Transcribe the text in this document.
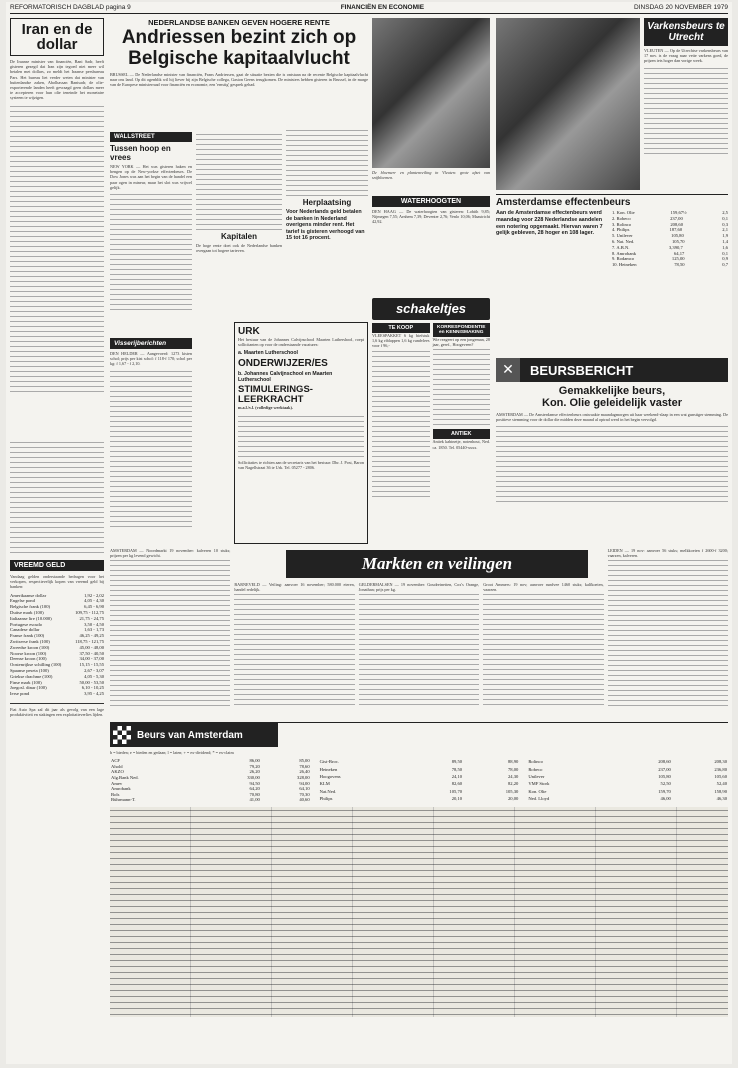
REFORMATORISCH DAGBLAD pagina 9	FINANCIËN EN ECONOMIE	DINSDAG 20 NOVEMBER 1979
Iran en de dollar

De Iraanse minister van financiën, Bani Sadr, heeft gisteren gezegd dat Iran zijn tegoed niet meer wil betalen met dollars, zo meldt het Iraanse persbureau Pars. Het bureau liet verder weten dat minister van buitenlandse zaken, Abolhassan Banisadr, de olie-exporterende landen heeft gevraagd geen dollars meer te accepteren voor hun olie teneinde het monetaire systeem te wijzigen.

VREEMD GELD

Vandaag gelden onderstaande bedragen voor het verkopen, respectievelijk kopen van vreemd geld bij banken:

Amerikaanse dollar	1,92 - 2,02
Engelse pond	4,05 - 4,30
Belgische frank (100)	6,45 - 6,90
Duitse mark (100)	109,75 - 112,75
Italiaanse lire (10.000)	21,75 - 24,75
Portugese escudo	3,50 - 4,50
Canadese dollar	1,63 - 1,73
Franse frank (100)	46,25 - 49,25
Zwitserse frank (100)	118,75 - 121,75
Zweedse kroon (100)	45,00 - 48,00
Noorse kroon (100)	37,50 - 40,50
Deense kroon (100)	34,00 - 37,00
Oostenrijkse schilling (100)	15,15 - 15,55
Spaanse peseta (100)	2,67 - 3,07
Griekse drachme (100)	4,05 - 5,30
Finse mark (100)	50,00 - 53,50
Joegosl. dinar (100)	6,10 - 10,25
Ierse pond	3,95 - 4,25

Fiat Auto Spa zal dit jaar als gevolg van een lage produktiviteit en stakingen een exploitatieverlies lijden.

NEDERLANDSE BANKEN GEVEN HOGERE RENTE
Andriessen bezint zich op
Belgische kapitaalvlucht

BRUSSEL — De Nederlandse minister van financiën, Frans Andriessen, gaat de situatie bezien die is ontstaan na de recente Belgische kapitaalvlucht naar ons land. Op dit ogenblik wil hij liever bij zijn Belgische collega, Gaston Geens terugkomen. De ministers hebben gisteren in Brussel, in de marge van de Europese ministerraad voor financiën en economie, een 'ernstig' gesprek gehad.

WALLSTREET
Tussen hoop en vrees

NEW YORK — Het was gisteren haken en bengen op de New-yorkse effectenbeurs. De Dow Jones was aan het begin van de handel een paar ogen in mineur, maar het slot was vrijwel gelijk.

Visserijberichten

DEN HELDER — Aangevoerd: 1273 kisten schol; prijs per kist schol: f 118-f 170; schol per kg: f 1,67 - f 2,10.

Kapitalen

De hoge rente doet ook de Nederlandse banken overgaan tot hogere tarieven.

Herplaatsing

Voor Nederlands geld betalen de banken in Nederland overigens minder rent. Het tarief is gisteren verhoogd van 15 tot 16 procent.

De bloemen- en plantenveiling in Vleuten: grote afzet van snijbloemen.

WATERHOOGTEN

DEN HAAG — De waterhoogten van gisteren: Lobith 9,85; Nijmegen 7,55; Arnhem 7,39; Deventer 2,76; Venlo 10,06; Maastricht 42,92.

URK

Het bestuur van de Johannes Calvijnschool Maarten Luthershool, roept sollicitanten op voor de onderstaande vacatures:

a. Maarten Lutherschool
ONDERWIJZER/ES
b. Johannes Calvijnschool en Maarten Lutherschool
STIMULERINGS-LEERKRACHT

m.a.l./v.l. (volledige werktaak).

Sollicitaties te richten aan de secretaris van het bestuur: Dhr. J. Post, Baron van Nagellstraat 36 te Urk. Tel. 05277 - 2806.

schakeltjes
TE KOOP

VLEESPAKKET 6 kg biefstuk 1,6 kg riblappen 1,6 kg rundvlees voor f 96,-

KORRESPONDENTIE en KENNISMAKING

Wie reageert op een jongeman, 28 jaar, geref., Hoogeveen?

ANTIEK

Antiek kabinetje, notenhout, Ned. ca. 1850. Tel. 05440-xxxx.

Varkensbeurs te Utrecht

VLEUTEN — Op de Utrechtse varkensbeurs van 17 nov. is de vraag naar vette varkens goed, de prijzen iets hoger dan vorige week.

Amsterdamse effectenbeurs

Aan de Amsterdamse effectenbeurs werd maandag voor 228 Nederlandse aandelen een notering opgemaakt. Hiervan waren 7 gelijk gebleven, 28 hoger en 108 lager.

1. Kon. Olie	159,67½	2,5
2. Robeco	237,00	0,1
3. Rolinco	208,60	0,3
4. Philips	187,60	2,1
5. Unilever	105,80	1,9
6. Nat. Ned.	105,70	1,4
7. A.B.N.	3,390,7	1,6
8. Amrobank	64,17	0,1
9. Rodamco	125,00	0,9
10. Heineken	78,50	0,7
✕	BEURSBERICHT
Gemakkelijke beurs,
Kon. Olie geleidelijk vaster

AMSTERDAM — De Amsterdamse effectenbeurs ontwaakte maandagmorgen uit haar weekend-slaap in een wat gunstiger stemming. De positieve stemming voor de dollar die midden deze maand al optrad werd in het begin vervolgd.

Markten en veilingen

AMSTERDAM — Noordmarkt 19 november: kalveren 10 stuks; prijzen per kg levend gewicht.

BARNEVELD — Veiling: aanvoer 16 november; 580.000 eieren, handel redelijk.

GELDERMALSEN — 19 november: Goudreinetten, Cox's Orange, Jonathan; prijs per kg.

Groot Ammers: 19 nov; aanvoer rundvee 1460 stuks; kalfkoeien, vaarzen.

LEIDEN — 19 nov: aanvoer 56 stuks; melkkoeien f 2600-f 3200; vaarzen, kalveren.

Beurs van Amsterdam

b = bieden; e = bieden en gedaan; l = laten; + = ex-dividend; * = ex-claim

ACF	86,00	85,00
Ahold	79,20	78,60
AKZO	26,20	26,40
Alg.Bank Ned.	330,00	328,00
Amev	94,50	94,00
Amrobank	64,20	64,10
Bols	70,80	70,30
Bührmann-T.	41,00	40,60
Gist-Broc.	89,50	88,90
Heineken	78,50	78,00
Hoogovens	24,10	24,30
KLM	82,60	82,20
Nat.Ned.	105,70	105,30
Philips	20,10	20,00
Rolinco	208,60	208,30
Robeco	237,00	236,80
Unilever	105,80	105,60
VMF Stork	52,50	52,40
Kon. Olie	159,70	158,90
Ned. Lloyd	46,00	46,30
